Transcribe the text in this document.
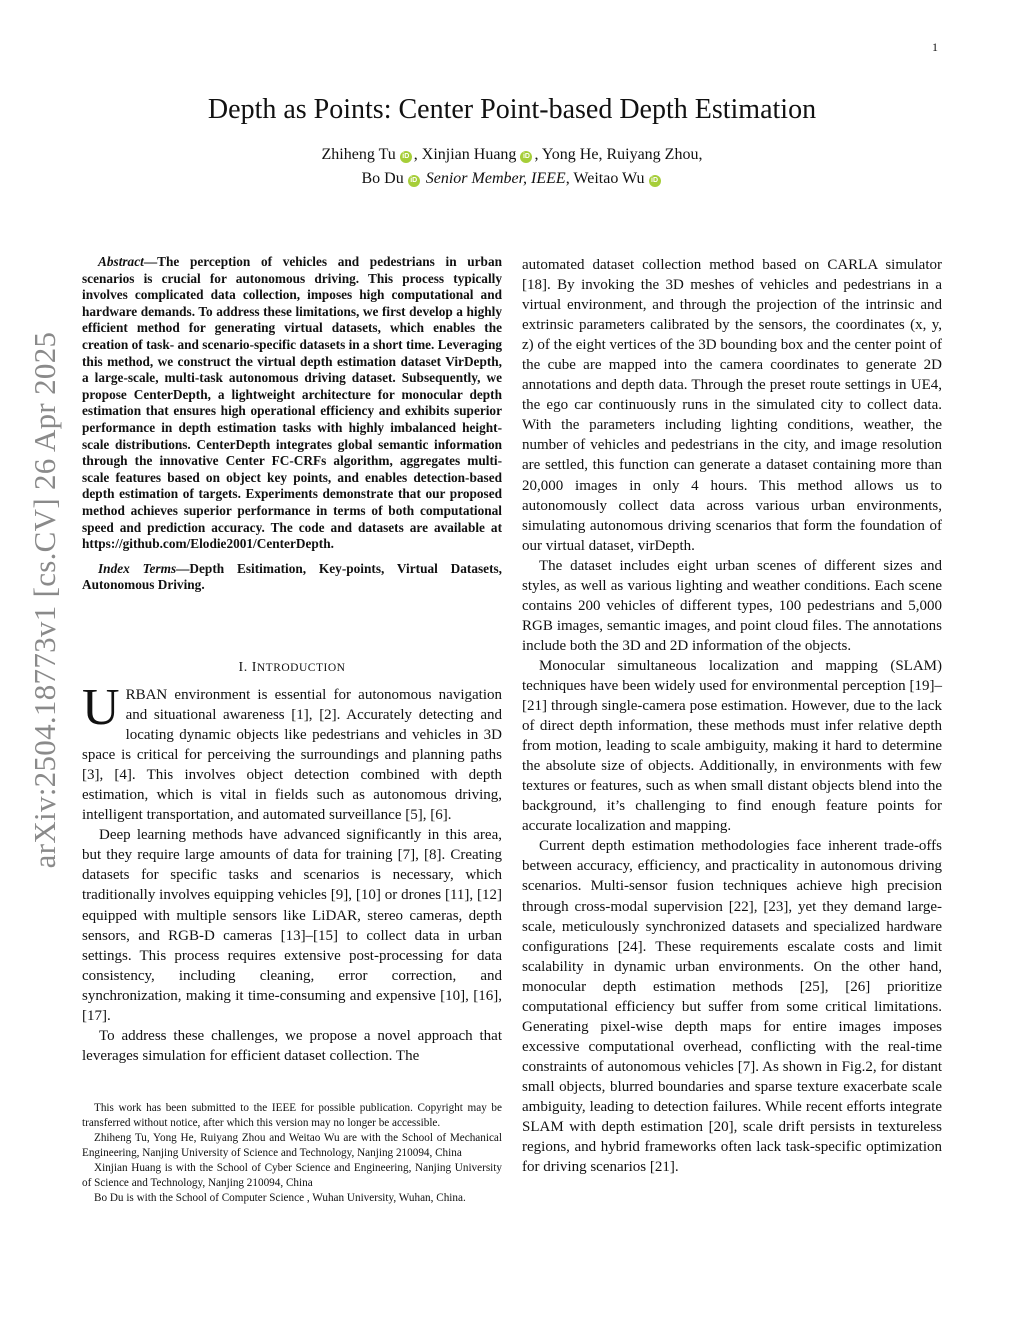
1
arXiv:2504.18773v1 [cs.CV] 26 Apr 2025
Depth as Points: Center Point-based Depth Estimation
Zhiheng Tu iD , Xinjian Huang iD , Yong He, Ruiyang Zhou,
Bo Du iD Senior Member, IEEE, Weitao Wu iD

Abstract—The perception of vehicles and pedestrians in urban scenarios is crucial for autonomous driving. This process typically involves complicated data collection, imposes high computational and hardware demands. To address these limitations, we first develop a highly efficient method for generating virtual datasets, which enables the creation of task- and scenario-specific datasets in a short time. Leveraging this method, we construct the virtual depth estimation dataset VirDepth, a large-scale, multi-task autonomous driving dataset. Subsequently, we propose CenterDepth, a lightweight architecture for monocular depth estimation that ensures high operational efficiency and exhibits superior performance in depth estimation tasks with highly imbalanced height-scale distributions. CenterDepth integrates global semantic information through the innovative Center FC-CRFs algorithm, aggregates multi-scale features based on object key points, and enables detection-based depth estimation of targets. Experiments demonstrate that our proposed method achieves superior performance in terms of both computational speed and prediction accuracy. The code and datasets are available at https://github.com/Elodie2001/CenterDepth.

Index Terms—Depth Esitimation, Key-points, Virtual Datasets, Autonomous Driving.

I. INTRODUCTION

URBAN environment is essential for autonomous navigation and situational awareness [1], [2]. Accurately detecting and locating dynamic objects like pedestrians and vehicles in 3D space is critical for perceiving the surroundings and planning paths [3], [4]. This involves object detection combined with depth estimation, which is vital in fields such as autonomous driving, intelligent transportation, and automated surveillance [5], [6].

Deep learning methods have advanced significantly in this area, but they require large amounts of data for training [7], [8]. Creating datasets for specific tasks and scenarios is necessary, which traditionally involves equipping vehicles [9], [10] or drones [11], [12] equipped with multiple sensors like LiDAR, stereo cameras, depth sensors, and RGB-D cameras [13]–[15] to collect data in urban settings. This process requires extensive post-processing for data consistency, including cleaning, error correction, and synchronization, making it time-consuming and expensive [10], [16], [17].

To address these challenges, we propose a novel approach that leverages simulation for efficient dataset collection. The

This work has been submitted to the IEEE for possible publication. Copyright may be transferred without notice, after which this version may no longer be accessible.

Zhiheng Tu, Yong He, Ruiyang Zhou and Weitao Wu are with the School of Mechanical Engineering, Nanjing University of Science and Technology, Nanjing 210094, China

Xinjian Huang is with the School of Cyber Science and Engineering, Nanjing University of Science and Technology, Nanjing 210094, China

Bo Du is with the School of Computer Science , Wuhan University, Wuhan, China.

automated dataset collection method based on CARLA simulator [18]. By invoking the 3D meshes of vehicles and pedestrians in a virtual environment, and through the projection of the intrinsic and extrinsic parameters calibrated by the sensors, the coordinates (x, y, z) of the eight vertices of the 3D bounding box and the center point of the cube are mapped into the camera coordinates to generate 2D annotations and depth data. Through the preset route settings in UE4, the ego car continuously runs in the simulated city to collect data. With the parameters including lighting conditions, weather, the number of vehicles and pedestrians in the city, and image resolution are settled, this function can generate a dataset containing more than 20,000 images in only 4 hours. This method allows us to autonomously collect data across various urban environments, simulating autonomous driving scenarios that form the foundation of our virtual dataset, virDepth.

The dataset includes eight urban scenes of different sizes and styles, as well as various lighting and weather conditions. Each scene contains 200 vehicles of different types, 100 pedestrians and 5,000 RGB images, semantic images, and point cloud files. The annotations include both the 3D and 2D information of the objects.

Monocular simultaneous localization and mapping (SLAM) techniques have been widely used for environmental perception [19]–[21] through single-camera pose estimation. However, due to the lack of direct depth information, these methods must infer relative depth from motion, leading to scale ambiguity, making it hard to determine the absolute size of objects. Additionally, in environments with few textures or features, such as when small distant objects blend into the background, it’s challenging to find enough feature points for accurate localization and mapping.

Current depth estimation methodologies face inherent trade-offs between accuracy, efficiency, and practicality in autonomous driving scenarios. Multi-sensor fusion techniques achieve high precision through cross-modal supervision [22], [23], yet they demand large-scale, meticulously synchronized datasets and specialized hardware configurations [24]. These requirements escalate costs and limit scalability in dynamic urban environments. On the other hand, monocular depth estimation methods [25], [26] prioritize computational efficiency but suffer from some critical limitations. Generating pixel-wise depth maps for entire images imposes excessive computational overhead, conflicting with the real-time constraints of autonomous vehicles [7]. As shown in Fig.2, for distant small objects, blurred boundaries and sparse texture exacerbate scale ambiguity, leading to detection failures. While recent efforts integrate SLAM with depth estimation [20], scale drift persists in textureless regions, and hybrid frameworks often lack task-specific optimization for driving scenarios [21].
